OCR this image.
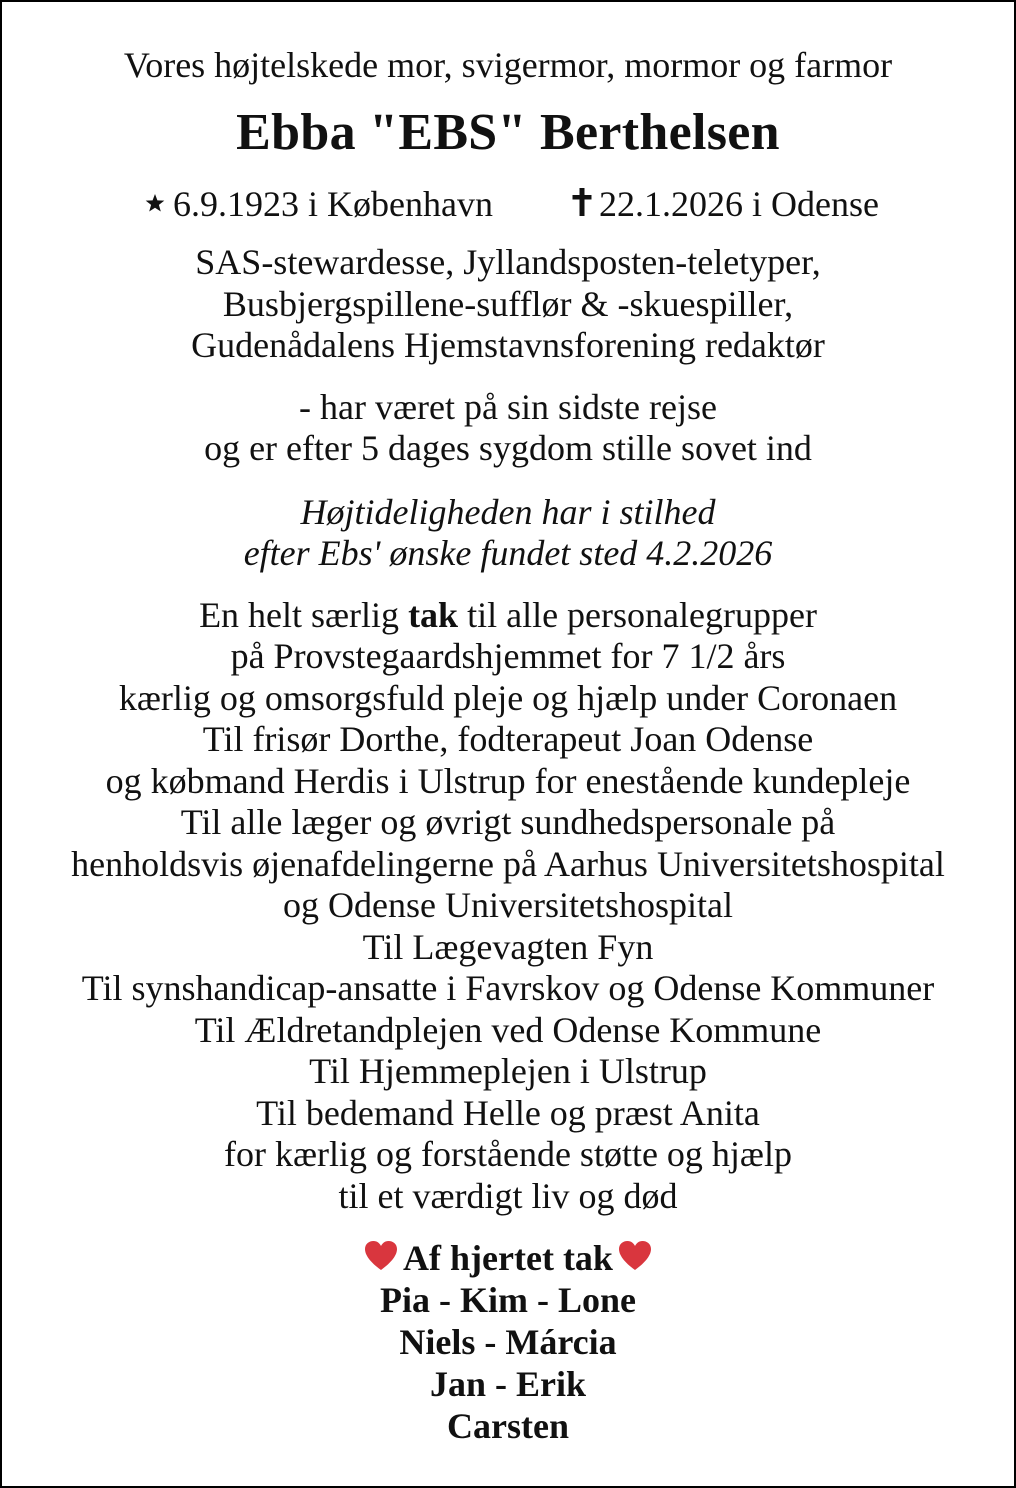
Vores højtelskede mor, svigermor, mormor og farmor

Ebba "EBS" Berthelsen
6.9.1923 i København	22.1.2026 i Odense
SAS-stewardesse, Jyllandsposten-teletyper,
Busbjergspillene-sufflør & -skuespiller,
Gudenådalens Hjemstavnsforening redaktør
- har været på sin sidste rejse
og er efter 5 dages sygdom stille sovet ind
Højtideligheden har i stilhed
efter Ebs' ønske fundet sted 4.2.2026
En helt særlig tak til alle personalegrupper
på Provstegaardshjemmet for 7 1/2 års
kærlig og omsorgsfuld pleje og hjælp under Coronaen
Til frisør Dorthe, fodterapeut Joan Odense
og købmand Herdis i Ulstrup for enestående kundepleje
Til alle læger og øvrigt sundhedspersonale på
henholdsvis øjenafdelingerne på Aarhus Universitetshospital
og Odense Universitetshospital
Til Lægevagten Fyn
Til synshandicap-ansatte i Favrskov og Odense Kommuner
Til Ældretandplejen ved Odense Kommune
Til Hjemmeplejen i Ulstrup
Til bedemand Helle og præst Anita
for kærlig og forstående støtte og hjælp
til et værdigt liv og død
Af hjertet tak
Pia - Kim - Lone
Niels - Márcia
Jan - Erik
Carsten
